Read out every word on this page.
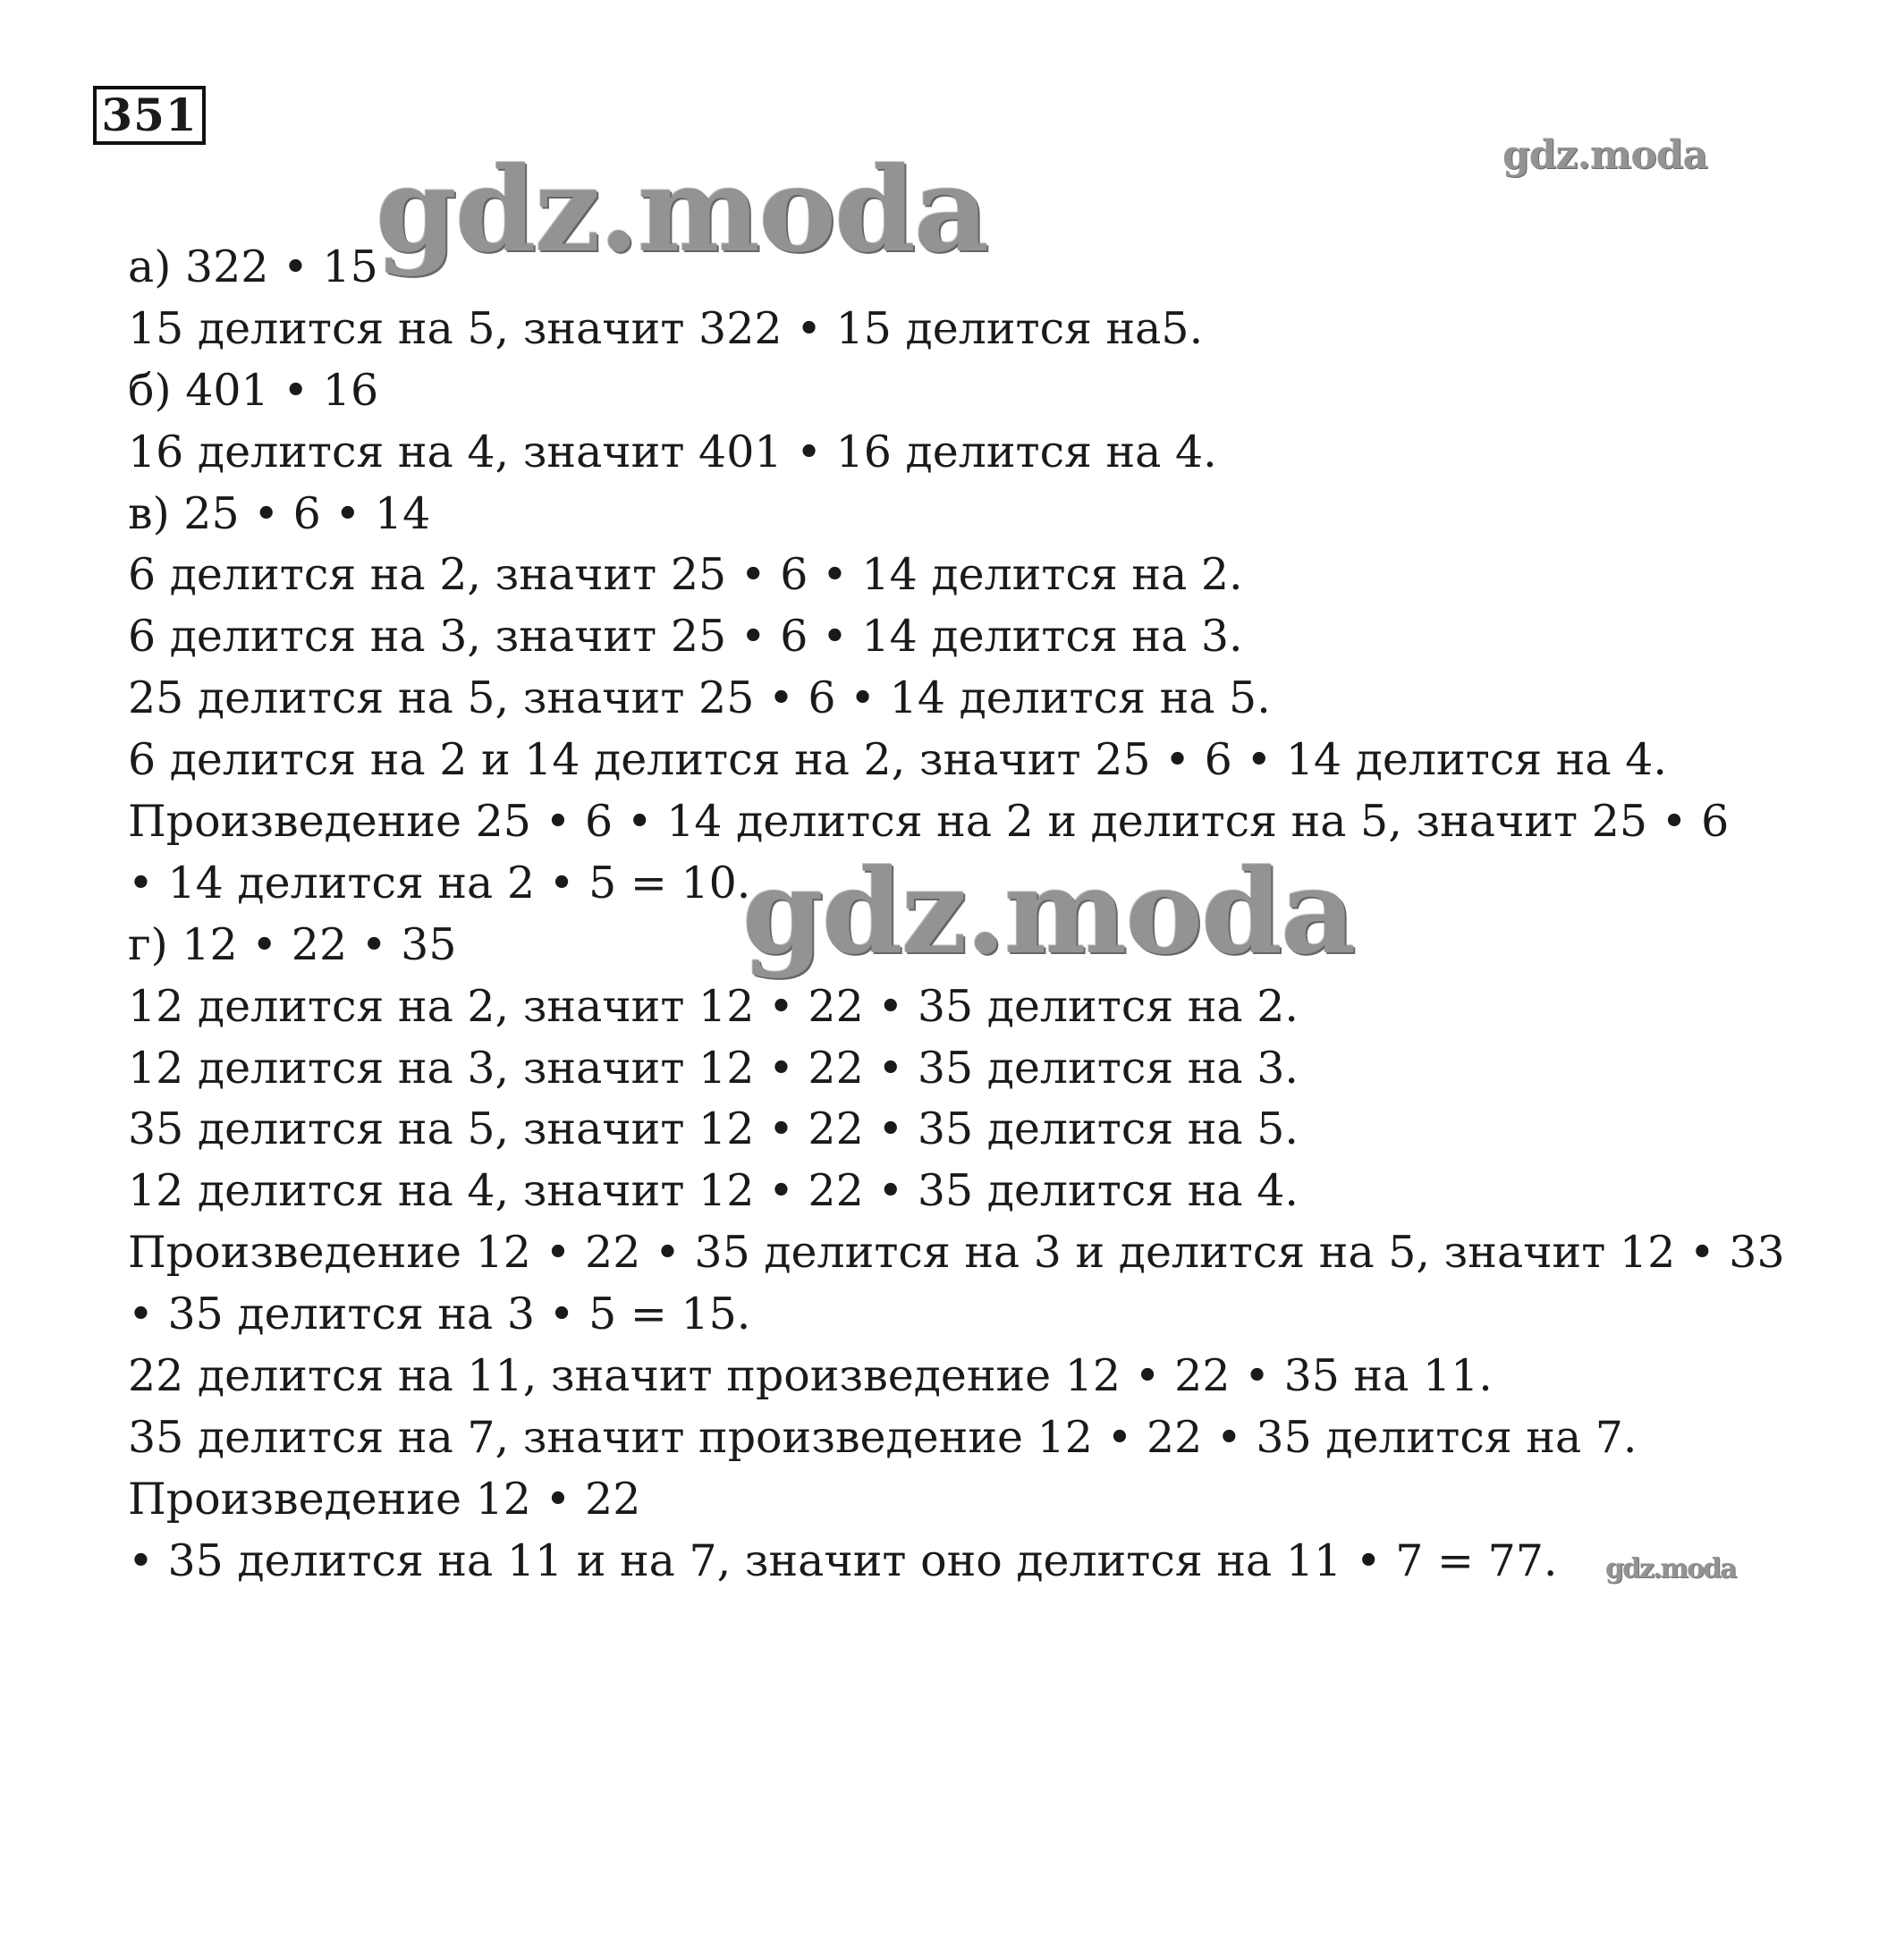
351
а) 322 • 15
15 делится на 5, значит 322 • 15 делится на5.
б) 401 • 16
16 делится на 4, значит 401 • 16 делится на 4.
в) 25 • 6 • 14
6 делится на 2, значит 25 • 6 • 14 делится на 2.
6 делится на 3, значит 25 • 6 • 14 делится на 3.
25 делится на 5, значит 25 • 6 • 14 делится на 5.
6 делится на 2 и 14 делится на 2, значит 25 • 6 • 14 делится на 4.
Произведение 25 • 6 • 14 делится на 2 и делится на 5, значит 25 • 6
• 14 делится на 2 • 5 = 10.
г) 12 • 22 • 35
12 делится на 2, значит 12 • 22 • 35 делится на 2.
12 делится на 3, значит 12 • 22 • 35 делится на 3.
35 делится на 5, значит 12 • 22 • 35 делится на 5.
12 делится на 4, значит 12 • 22 • 35 делится на 4.
Произведение 12 • 22 • 35 делится на 3 и делится на 5, значит 12 • 33
• 35 делится на 3 • 5 = 15.
22 делится на 11, значит произведение 12 • 22 • 35 на 11.
35 делится на 7, значит произведение 12 • 22 • 35 делится на 7.
Произведение 12 • 22
• 35 делится на 11 и на 7, значит оно делится на 11 • 7 = 77.
gdz.moda
gdz.moda
gdz.moda
gdz.moda
